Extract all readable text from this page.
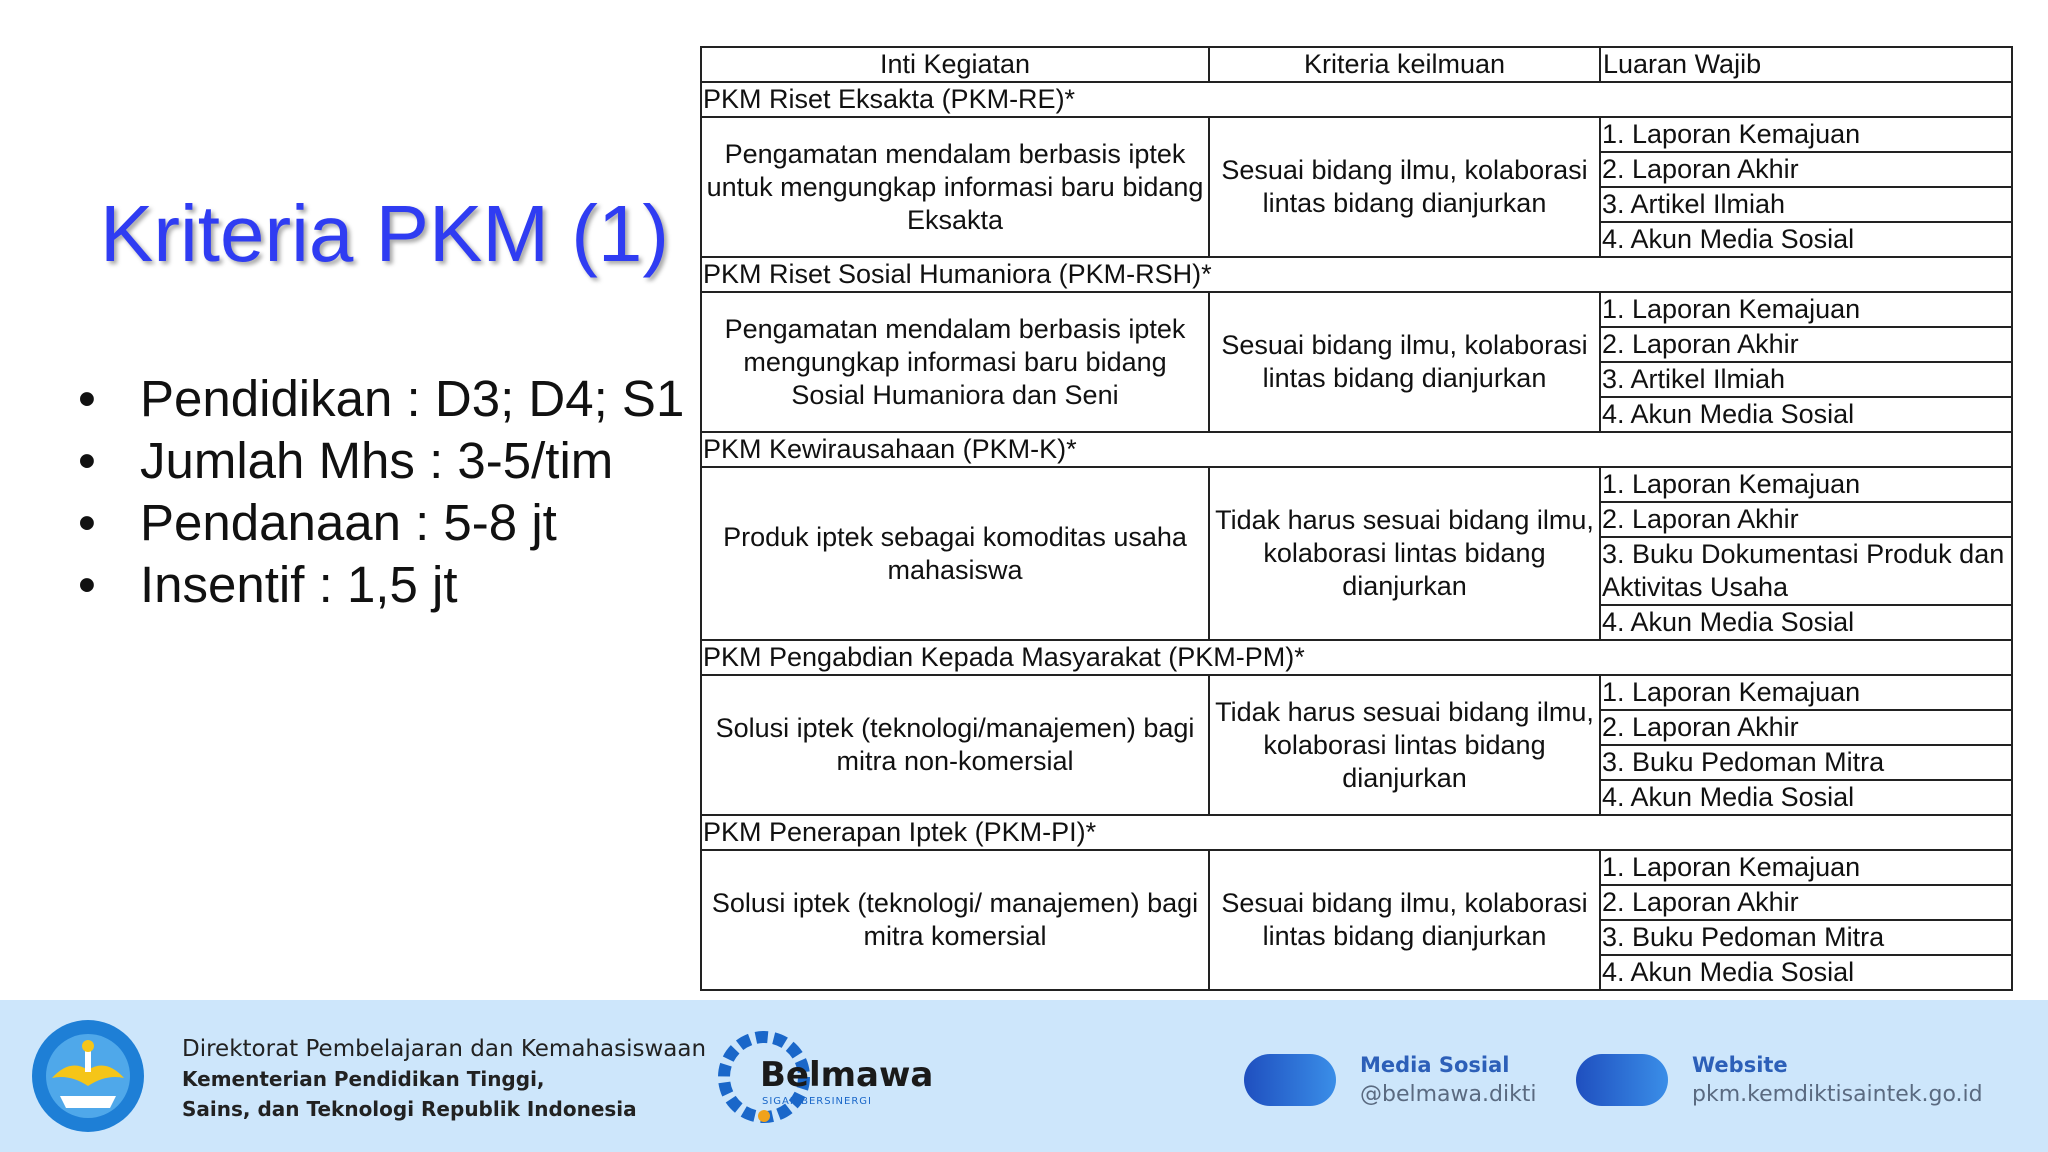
Kriteria PKM (1)
• Pendidikan : D3; D4; S1
• Jumlah Mhs : 3-5/tim
• Pendanaan : 5-8 jt
• Insentif : 1,5 jt
Inti Kegiatan	Kriteria keilmuan	Luaran Wajib
PKM Riset Eksakta (PKM-RE)*		
Pengamatan mendalam berbasis iptek untuk mengungkap informasi baru bidang Eksakta	Sesuai bidang ilmu, kolaborasi lintas bidang dianjurkan	1. Laporan Kemajuan
		2. Laporan Akhir
		3. Artikel Ilmiah
		4. Akun Media Sosial
PKM Riset Sosial Humaniora (PKM-RSH)*		
Pengamatan mendalam berbasis iptek mengungkap informasi baru bidang Sosial Humaniora dan Seni	Sesuai bidang ilmu, kolaborasi lintas bidang dianjurkan	1. Laporan Kemajuan
		2. Laporan Akhir
		3. Artikel Ilmiah
		4. Akun Media Sosial
PKM Kewirausahaan (PKM-K)*		
Produk iptek sebagai komoditas usaha mahasiswa	Tidak harus sesuai bidang ilmu, kolaborasi lintas bidang dianjurkan	1. Laporan Kemajuan
		2. Laporan Akhir
		3. Buku Dokumentasi Produk dan Aktivitas Usaha
		4. Akun Media Sosial
PKM Pengabdian Kepada Masyarakat (PKM-PM)*		
Solusi iptek (teknologi/manajemen) bagi mitra non-komersial	Tidak harus sesuai bidang ilmu, kolaborasi lintas bidang dianjurkan	1. Laporan Kemajuan
		2. Laporan Akhir
		3. Buku Pedoman Mitra
		4. Akun Media Sosial
PKM Penerapan Iptek (PKM-PI)*		
Solusi iptek (teknologi/ manajemen) bagi mitra komersial	Sesuai bidang ilmu, kolaborasi lintas bidang dianjurkan	1. Laporan Kemajuan
		2. Laporan Akhir
		3. Buku Pedoman Mitra
		4. Akun Media Sosial
Direktorat Pembelajaran dan Kemahasiswaan
Kementerian Pendidikan Tinggi,
Sains, dan Teknologi Republik Indonesia
Belmawa
SIGAP BERSINERGI
Media Sosial
@belmawa.dikti
Website
pkm.kemdiktisaintek.go.id
